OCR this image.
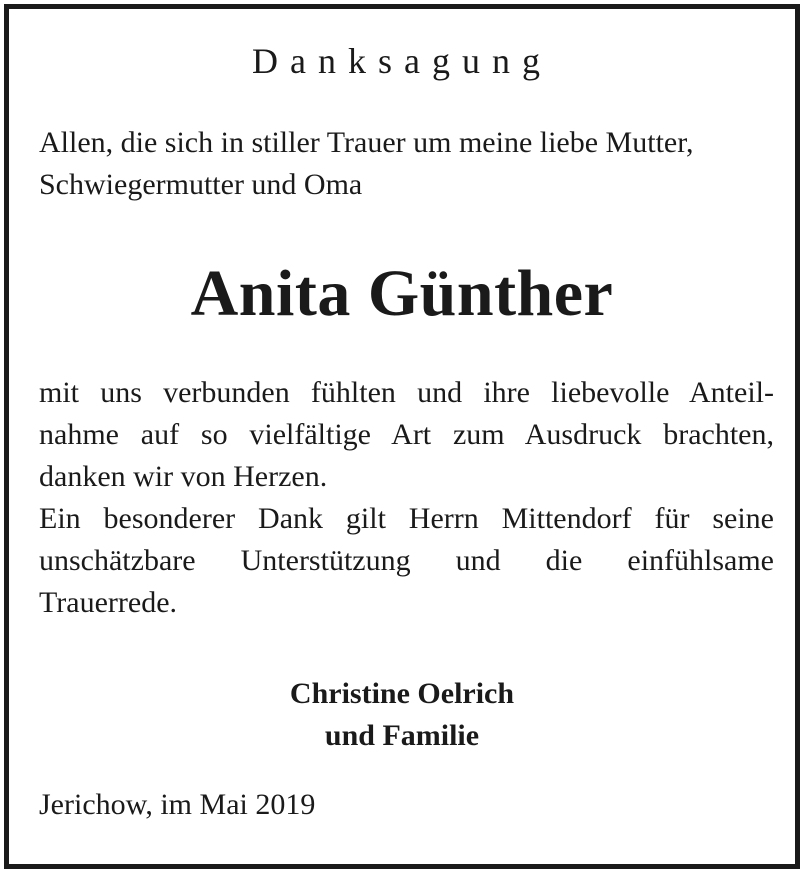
Danksagung
Allen, die sich in stiller Trauer um meine liebe Mutter,
Schwiegermutter und Oma
Anita Günther
mit uns verbunden fühlten und ihre liebevolle Anteil-
nahme auf so vielfältige Art zum Ausdruck brachten,
danken wir von Herzen.
Ein besonderer Dank gilt Herrn Mittendorf für seine
unschätzbare Unterstützung und die einfühlsame
Trauerrede.
Christine Oelrich
und Familie
Jerichow, im Mai 2019
